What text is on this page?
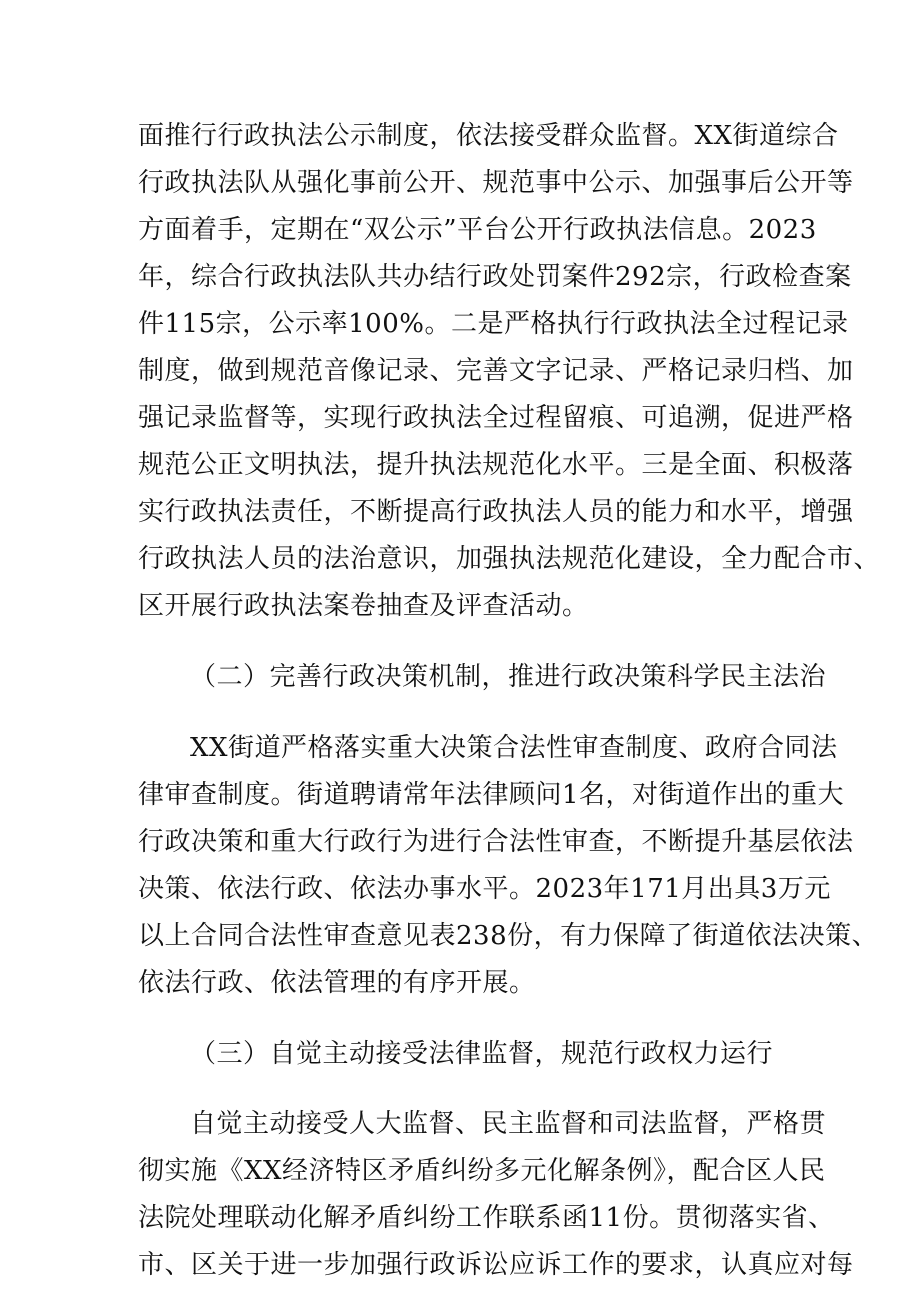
面推行行政执法公示制度，依法接受群众监督。XX街道综合
行政执法队从强化事前公开、规范事中公示、加强事后公开等
方面着手，定期在“双公示”平台公开行政执法信息。2023
年，综合行政执法队共办结行政处罚案件292宗，行政检查案
件115宗，公示率100%。二是严格执行行政执法全过程记录
制度，做到规范音像记录、完善文字记录、严格记录归档、加
强记录监督等，实现行政执法全过程留痕、可追溯，促进严格
规范公正文明执法，提升执法规范化水平。三是全面、积极落
实行政执法责任，不断提高行政执法人员的能力和水平，增强
行政执法人员的法治意识，加强执法规范化建设，全力配合市、
区开展行政执法案卷抽查及评查活动。
（二）完善行政决策机制，推进行政决策科学民主法治
XX街道严格落实重大决策合法性审查制度、政府合同法
律审查制度。街道聘请常年法律顾问1名，对街道作出的重大
行政决策和重大行政行为进行合法性审查，不断提升基层依法
决策、依法行政、依法办事水平。2023年171月出具3万元
以上合同合法性审查意见表238份，有力保障了街道依法决策、
依法行政、依法管理的有序开展。
（三）自觉主动接受法律监督，规范行政权力运行
自觉主动接受人大监督、民主监督和司法监督，严格贯
彻实施《XX经济特区矛盾纠纷多元化解条例》，配合区人民
法院处理联动化解矛盾纠纷工作联系函11份。贯彻落实省、
市、区关于进一步加强行政诉讼应诉工作的要求，认真应对每
